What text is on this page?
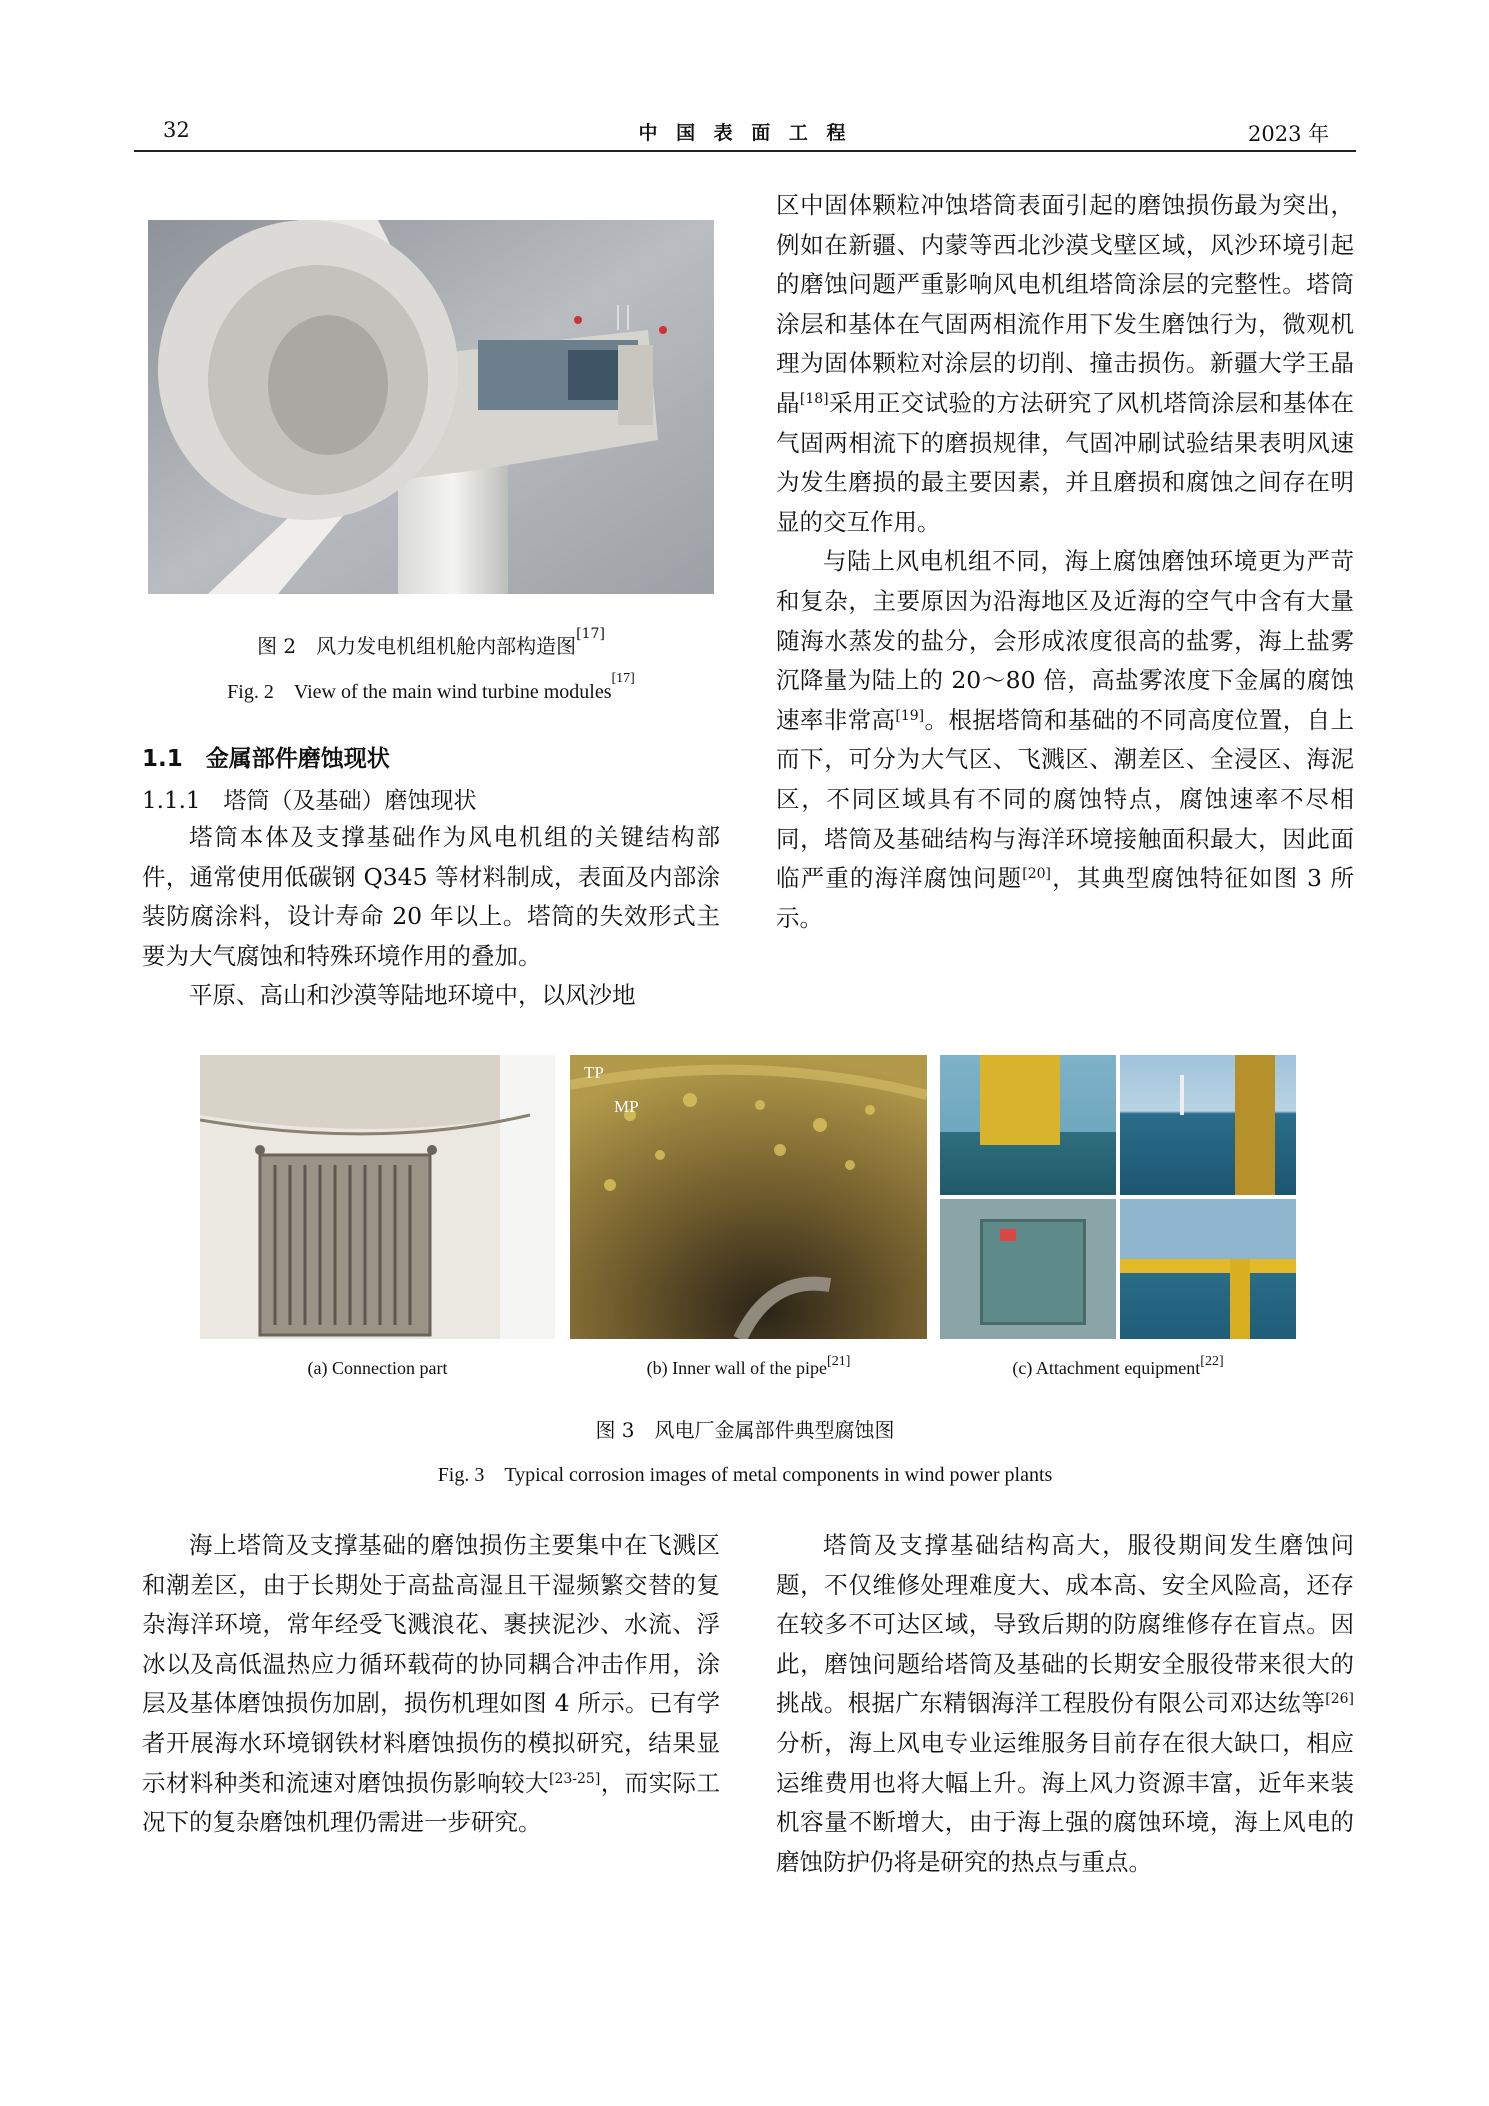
32	中 国 表 面 工 程	2023 年
图 2　风力发电机组机舱内部构造图[17]
Fig. 2　View of the main wind turbine modules[17]
1.1　金属部件磨蚀现状
1.1.1　塔筒（及基础）磨蚀现状

塔筒本体及支撑基础作为风电机组的关键结构部件，通常使用低碳钢 Q345 等材料制成，表面及内部涂装防腐涂料，设计寿命 20 年以上。塔筒的失效形式主要为大气腐蚀和特殊环境作用的叠加。

平原、高山和沙漠等陆地环境中，以风沙地

区中固体颗粒冲蚀塔筒表面引起的磨蚀损伤最为突出，例如在新疆、内蒙等西北沙漠戈壁区域，风沙环境引起的磨蚀问题严重影响风电机组塔筒涂层的完整性。塔筒涂层和基体在气固两相流作用下发生磨蚀行为，微观机理为固体颗粒对涂层的切削、撞击损伤。新疆大学王晶晶[18]采用正交试验的方法研究了风机塔筒涂层和基体在气固两相流下的磨损规律，气固冲刷试验结果表明风速为发生磨损的最主要因素，并且磨损和腐蚀之间存在明显的交互作用。

与陆上风电机组不同，海上腐蚀磨蚀环境更为严苛和复杂，主要原因为沿海地区及近海的空气中含有大量随海水蒸发的盐分，会形成浓度很高的盐雾，海上盐雾沉降量为陆上的 20～80 倍，高盐雾浓度下金属的腐蚀速率非常高[19]。根据塔筒和基础的不同高度位置，自上而下，可分为大气区、飞溅区、潮差区、全浸区、海泥区，不同区域具有不同的腐蚀特点，腐蚀速率不尽相同，塔筒及基础结构与海洋环境接触面积最大，因此面临严重的海洋腐蚀问题[20]，其典型腐蚀特征如图 3 所示。

TP
MP
(a) Connection part	(b) Inner wall of the pipe[21]	(c) Attachment equipment[22]
图 3　风电厂金属部件典型腐蚀图
Fig. 3　Typical corrosion images of metal components in wind power plants

海上塔筒及支撑基础的磨蚀损伤主要集中在飞溅区和潮差区，由于长期处于高盐高湿且干湿频繁交替的复杂海洋环境，常年经受飞溅浪花、裹挟泥沙、水流、浮冰以及高低温热应力循环载荷的协同耦合冲击作用，涂层及基体磨蚀损伤加剧，损伤机理如图 4 所示。已有学者开展海水环境钢铁材料磨蚀损伤的模拟研究，结果显示材料种类和流速对磨蚀损伤影响较大[23-25]，而实际工况下的复杂磨蚀机理仍需进一步研究。

塔筒及支撑基础结构高大，服役期间发生磨蚀问题，不仅维修处理难度大、成本高、安全风险高，还存在较多不可达区域，导致后期的防腐维修存在盲点。因此，磨蚀问题给塔筒及基础的长期安全服役带来很大的挑战。根据广东精铟海洋工程股份有限公司邓达纮等[26]分析，海上风电专业运维服务目前存在很大缺口，相应运维费用也将大幅上升。海上风力资源丰富，近年来装机容量不断增大，由于海上强的腐蚀环境，海上风电的磨蚀防护仍将是研究的热点与重点。
